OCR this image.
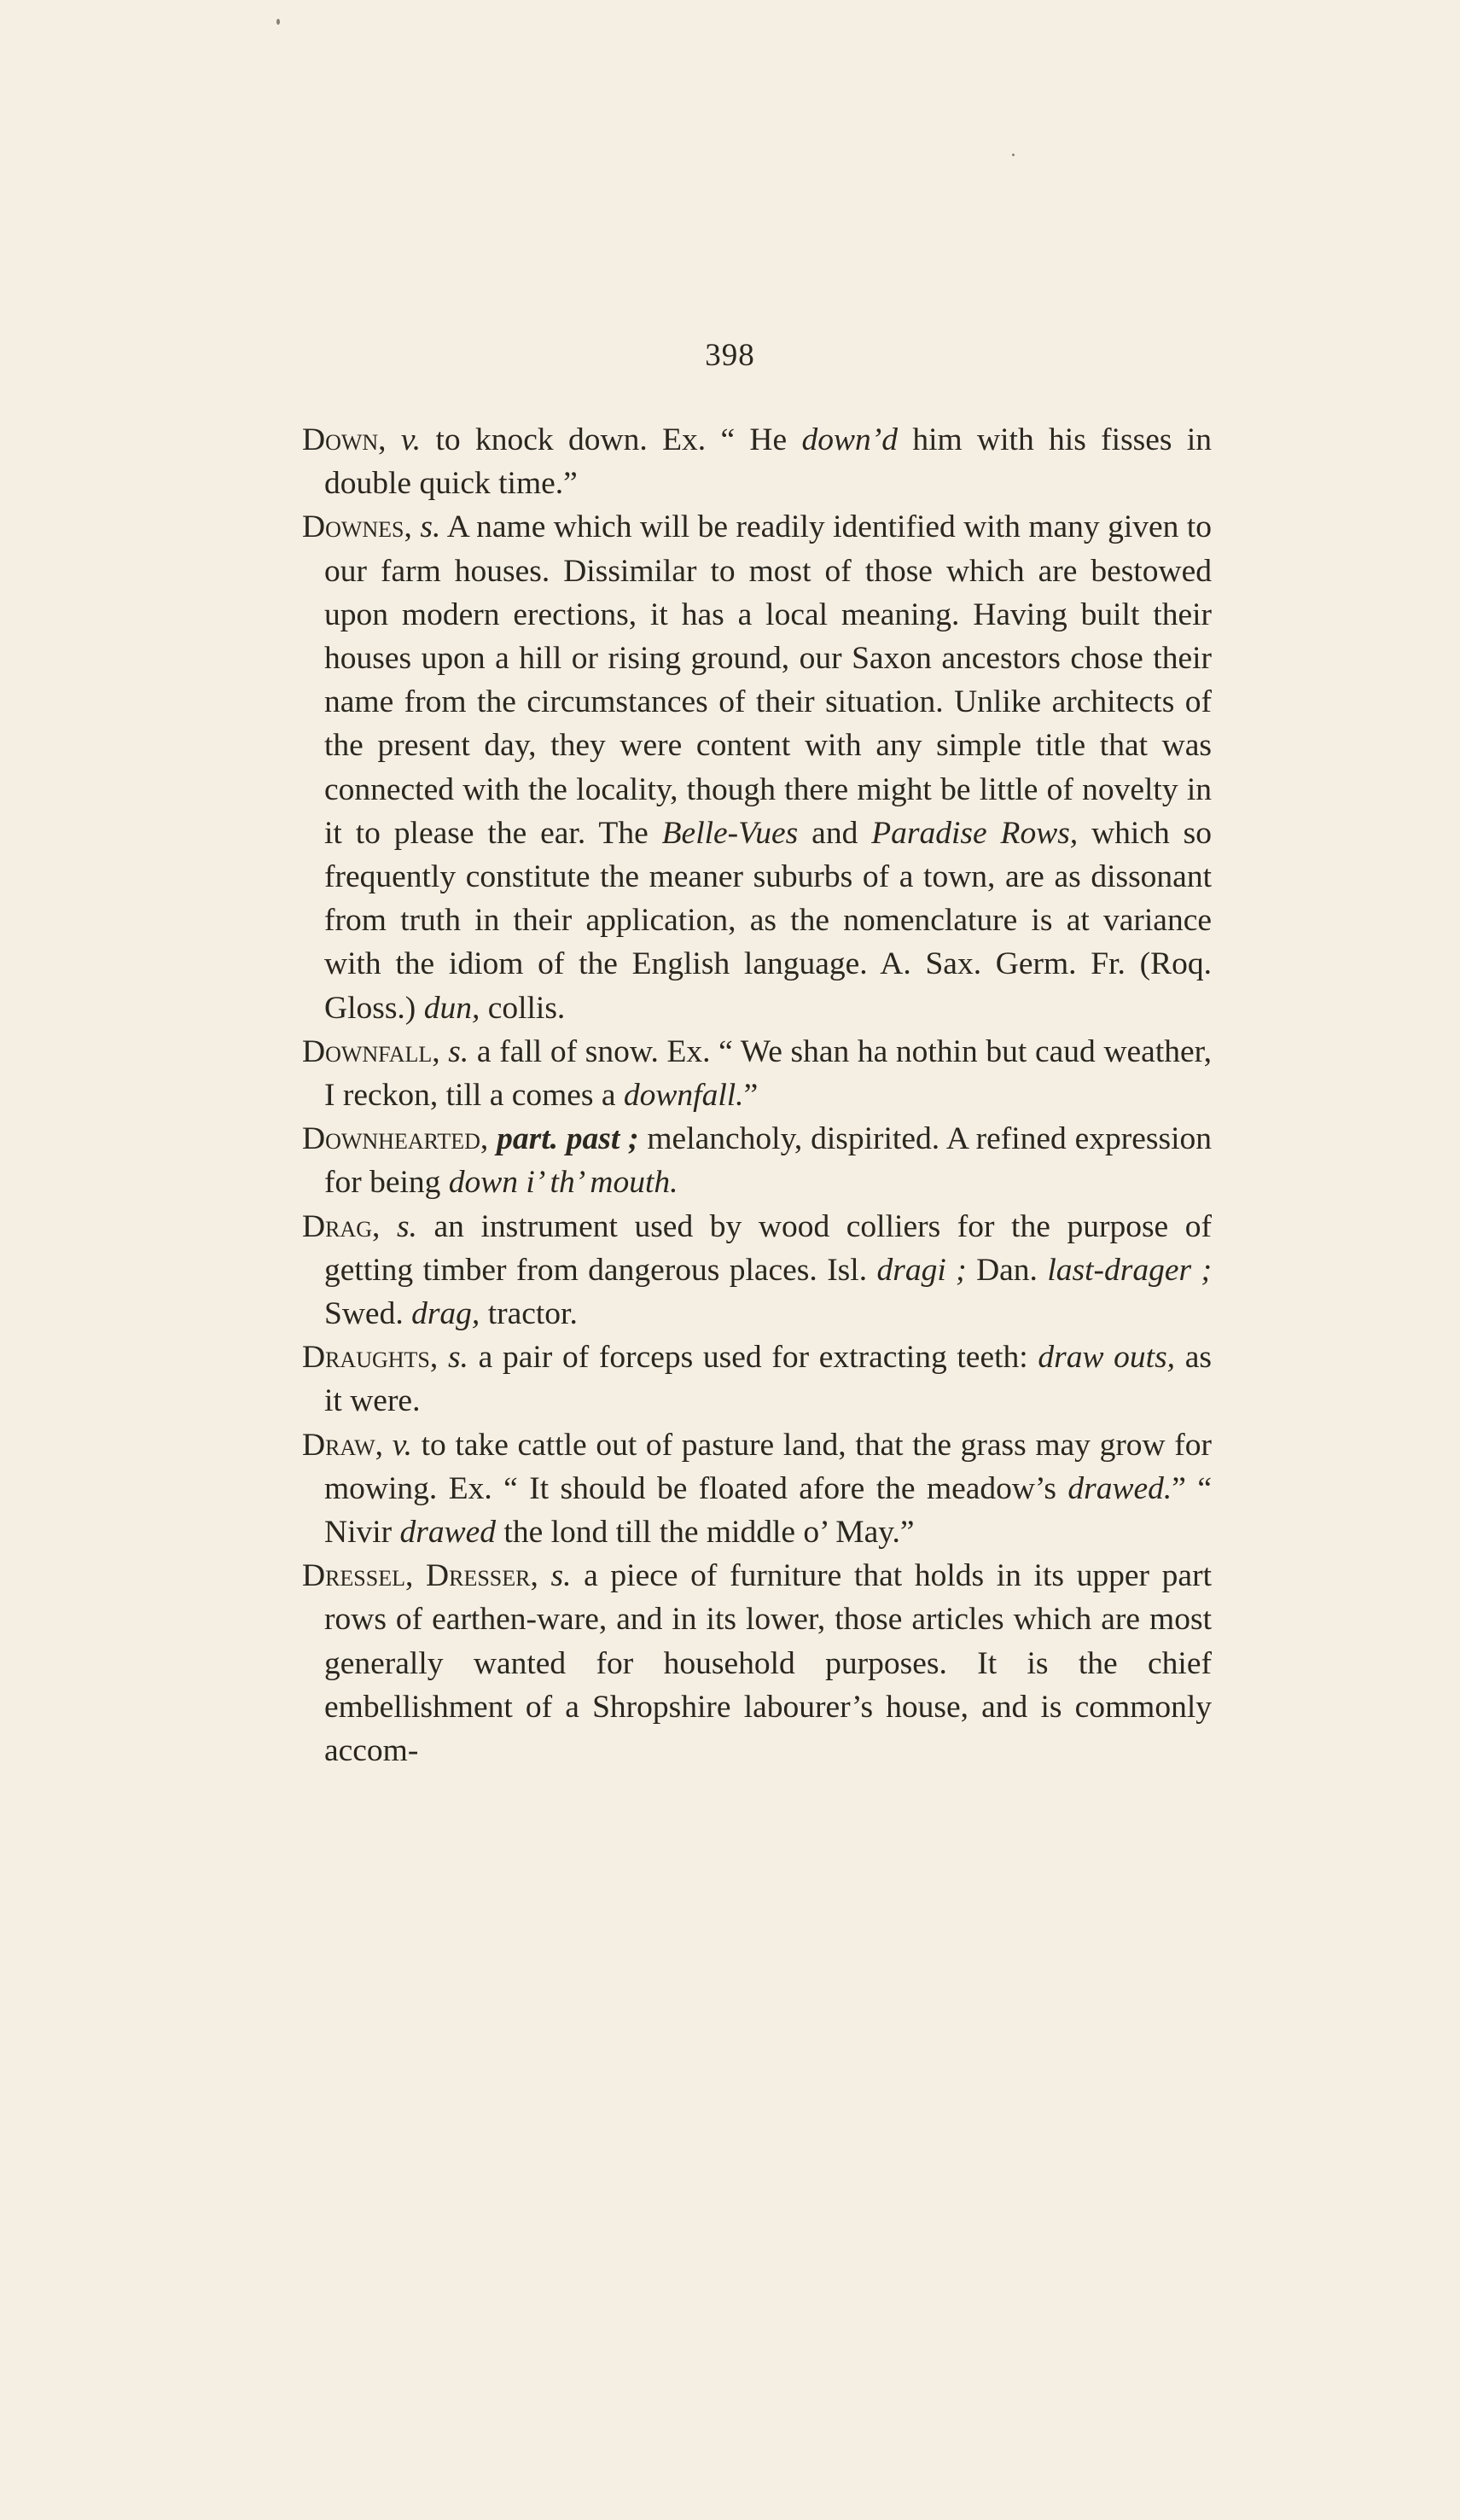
398

Down, v. to knock down. Ex. “ He down’d him with his fisses in double quick time.”

Downes, s. A name which will be readily identified with many given to our farm houses. Dissimilar to most of those which are bestowed upon modern erections, it has a local meaning. Having built their houses upon a hill or rising ground, our Saxon ancestors chose their name from the circumstances of their situation. Unlike architects of the present day, they were content with any simple title that was connected with the locality, though there might be little of novelty in it to please the ear. The Belle-Vues and Paradise Rows, which so frequently constitute the meaner suburbs of a town, are as dissonant from truth in their application, as the nomenclature is at variance with the idiom of the English language. A. Sax. Germ. Fr. (Roq. Gloss.) dun, collis.

Downfall, s. a fall of snow. Ex. “ We shan ha nothin but caud weather, I reckon, till a comes a downfall.”

Downhearted, part. past ; melancholy, dispirited. A refined expression for being down i’ th’ mouth.

Drag, s. an instrument used by wood colliers for the purpose of getting timber from dangerous places. Isl. dragi ; Dan. last-drager ; Swed. drag, tractor.

Draughts, s. a pair of forceps used for extracting teeth: draw outs, as it were.

Draw, v. to take cattle out of pasture land, that the grass may grow for mowing. Ex. “ It should be floated afore the meadow’s drawed.” “ Nivir drawed the lond till the middle o’ May.”

Dressel, Dresser, s. a piece of furniture that holds in its upper part rows of earthen-ware, and in its lower, those articles which are most generally wanted for household purposes. It is the chief embellishment of a Shropshire labourer’s house, and is commonly accom-
